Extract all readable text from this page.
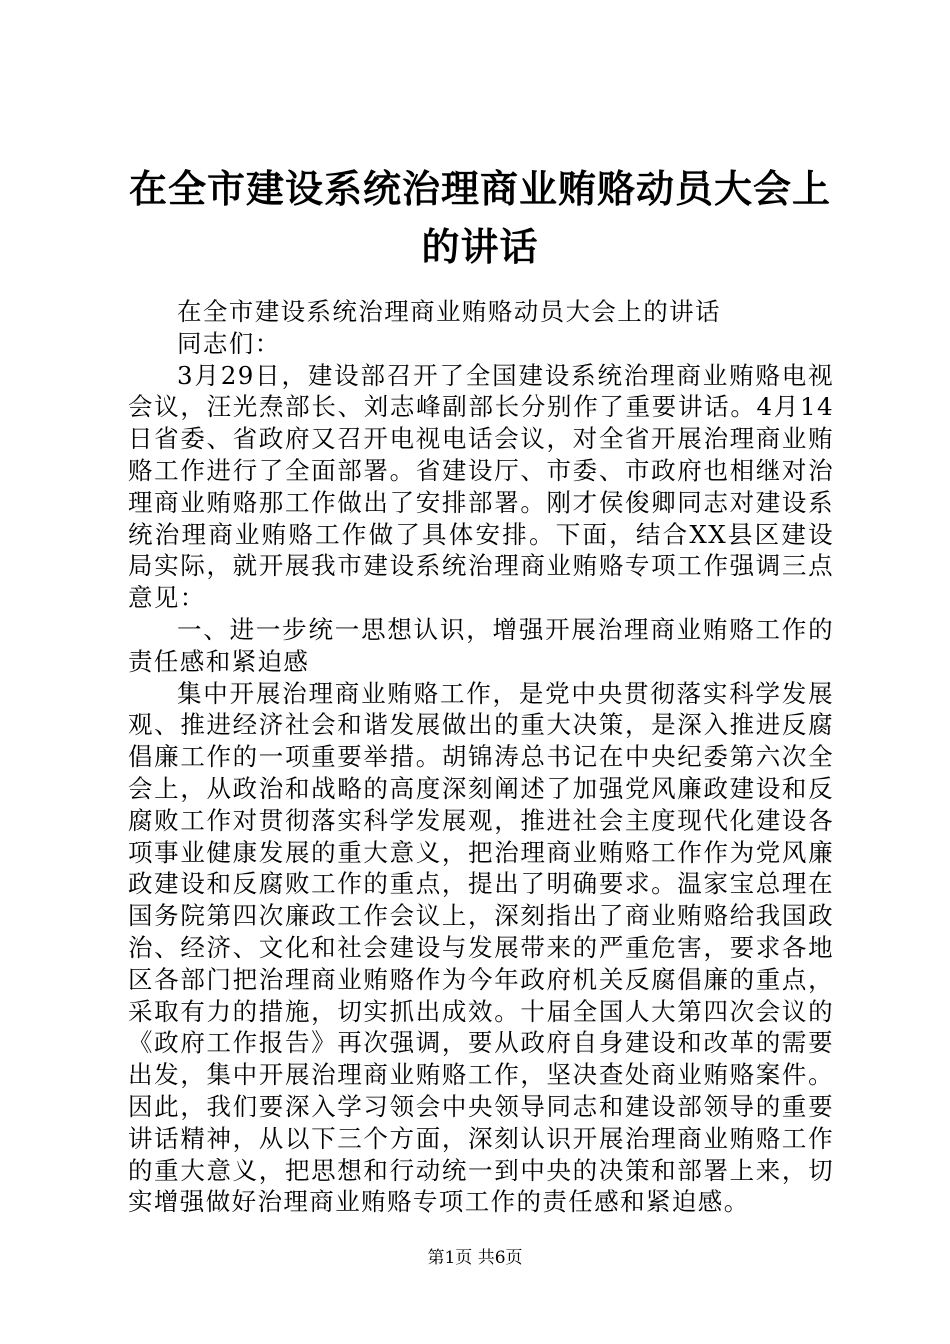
在全市建设系统治理商业贿赂动员大会上的讲话

在全市建设系统治理商业贿赂动员大会上的讲话

同志们：

3月29日，建设部召开了全国建设系统治理商业贿赂电视会议，汪光焘部长、刘志峰副部长分别作了重要讲话。4月14日省委、省政府又召开电视电话会议，对全省开展治理商业贿赂工作进行了全面部署。省建设厅、市委、市政府也相继对治理商业贿赂那工作做出了安排部署。刚才侯俊卿同志对建设系统治理商业贿赂工作做了具体安排。下面，结合XX县区建设局实际，就开展我市建设系统治理商业贿赂专项工作强调三点意见：

一、进一步统一思想认识，增强开展治理商业贿赂工作的责任感和紧迫感

集中开展治理商业贿赂工作，是党中央贯彻落实科学发展观、推进经济社会和谐发展做出的重大决策，是深入推进反腐倡廉工作的一项重要举措。胡锦涛总书记在中央纪委第六次全会上，从政治和战略的高度深刻阐述了加强党风廉政建设和反腐败工作对贯彻落实科学发展观，推进社会主度现代化建设各项事业健康发展的重大意义，把治理商业贿赂工作作为党风廉政建设和反腐败工作的重点，提出了明确要求。温家宝总理在国务院第四次廉政工作会议上，深刻指出了商业贿赂给我国政治、经济、文化和社会建设与发展带来的严重危害，要求各地区各部门把治理商业贿赂作为今年政府机关反腐倡廉的重点，采取有力的措施，切实抓出成效。十届全国人大第四次会议的《政府工作报告》再次强调，要从政府自身建设和改革的需要出发，集中开展治理商业贿赂工作，坚决查处商业贿赂案件。因此，我们要深入学习领会中央领导同志和建设部领导的重要讲话精神，从以下三个方面，深刻认识开展治理商业贿赂工作的重大意义，把思想和行动统一到中央的决策和部署上来，切实增强做好治理商业贿赂专项工作的责任感和紧迫感。

第1页 共6页
